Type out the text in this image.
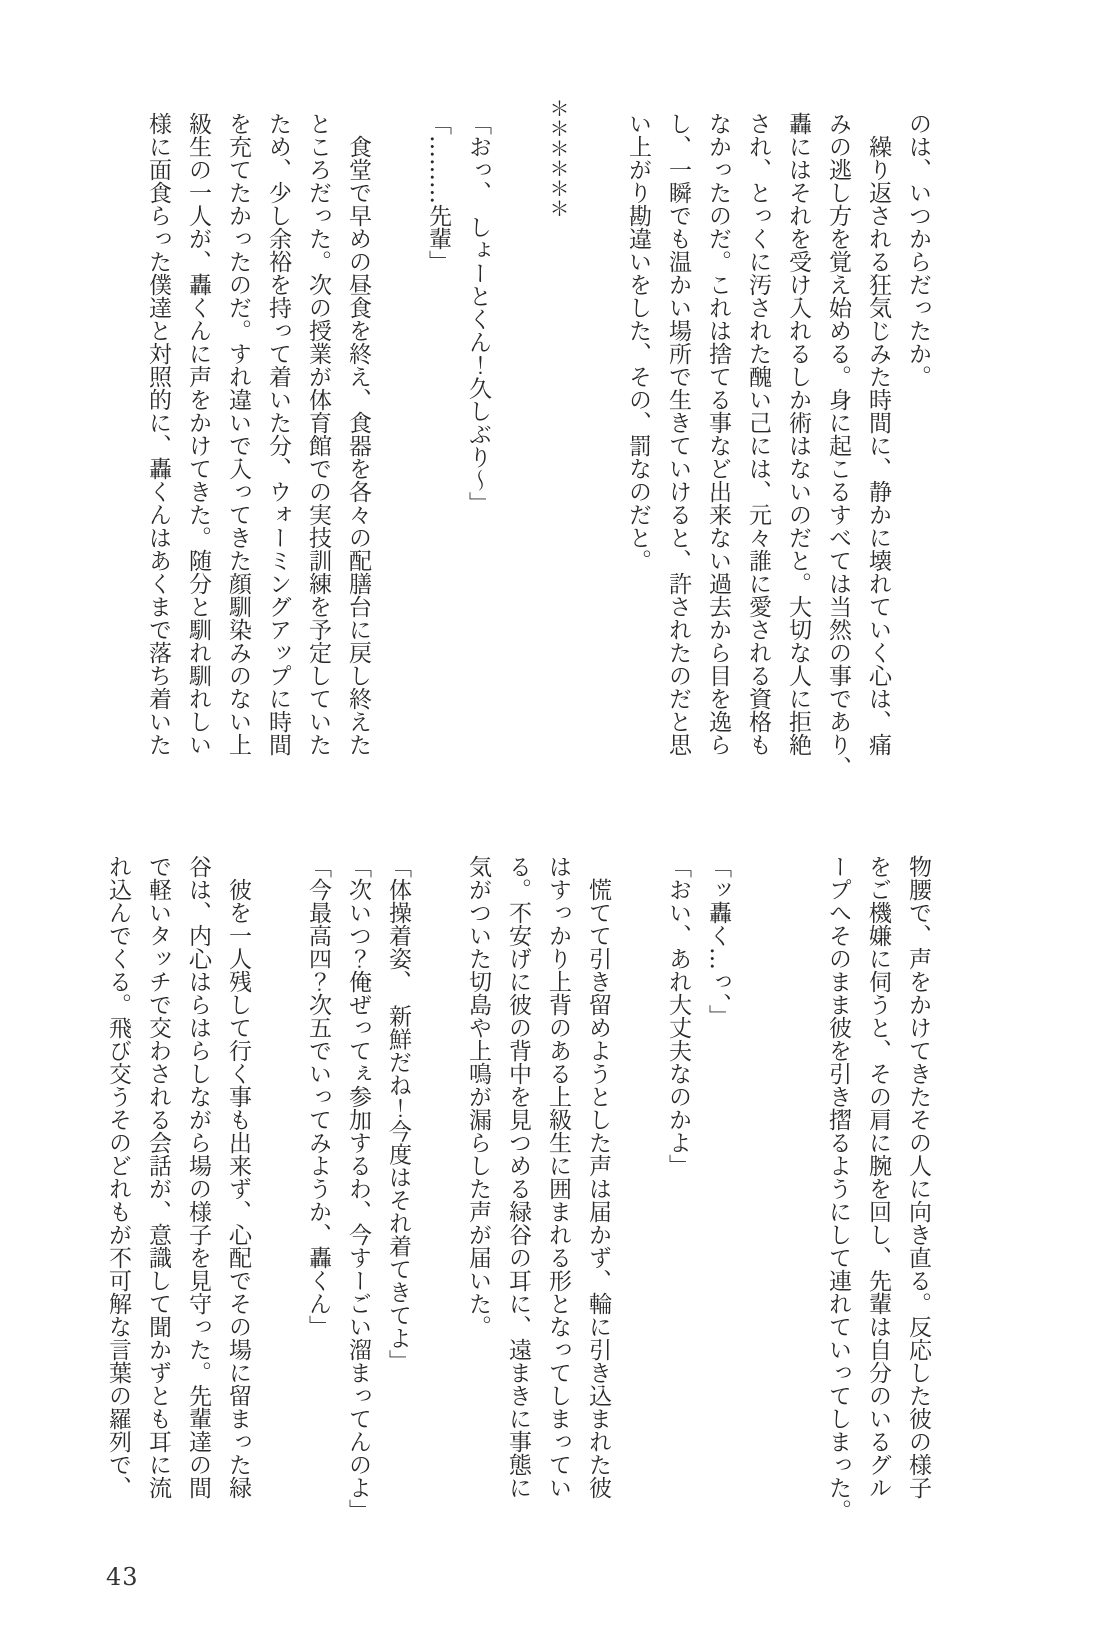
のは、いつからだったか。

繰り返される狂気じみた時間に、静かに壊れていく心は、痛

みの逃し方を覚え始める。身に起こるすべては当然の事であり、

轟にはそれを受け入れるしか術はないのだと。大切な人に拒絶

され、とっくに汚された醜い己には、元々誰に愛される資格も

なかったのだ。これは捨てる事など出来ない過去から目を逸ら

し、一瞬でも温かい場所で生きていけると、許されたのだと思

い上がり勘違いをした、その、罰なのだと。

＊＊＊＊＊＊

「おっ、　しょーとくん！久しぶり～」

「………先輩」

食堂で早めの昼食を終え、食器を各々の配膳台に戻し終えた

ところだった。次の授業が体育館での実技訓練を予定していた

ため、少し余裕を持って着いた分、ウォーミングアップに時間

を充てたかったのだ。すれ違いで入ってきた顔馴染みのない上

級生の一人が、轟くんに声をかけてきた。随分と馴れ馴れしい

様に面食らった僕達と対照的に、轟くんはあくまで落ち着いた

物腰で、声をかけてきたその人に向き直る。反応した彼の様子

をご機嫌に伺うと、その肩に腕を回し、先輩は自分のいるグル

ープへそのまま彼を引き摺るようにして連れていってしまった。

「ッ轟く…っ、」

「おい、あれ大丈夫なのかよ」

慌てて引き留めようとした声は届かず、輪に引き込まれた彼

はすっかり上背のある上級生に囲まれる形となってしまってい

る。不安げに彼の背中を見つめる緑谷の耳に、遠まきに事態に

気がついた切島や上鳴が漏らした声が届いた。

「体操着姿、　新鮮だね！今度はそれ着てきてよ」

「次いつ？俺ぜってぇ参加するわ、今すーごい溜まってんのよ」

「今最高四？次五でいってみようか、轟くん」

彼を一人残して行く事も出来ず、心配でその場に留まった緑

谷は、内心はらはらしながら場の様子を見守った。先輩達の間

で軽いタッチで交わされる会話が、意識して聞かずとも耳に流

れ込んでくる。飛び交うそのどれもが不可解な言葉の羅列で、

43
